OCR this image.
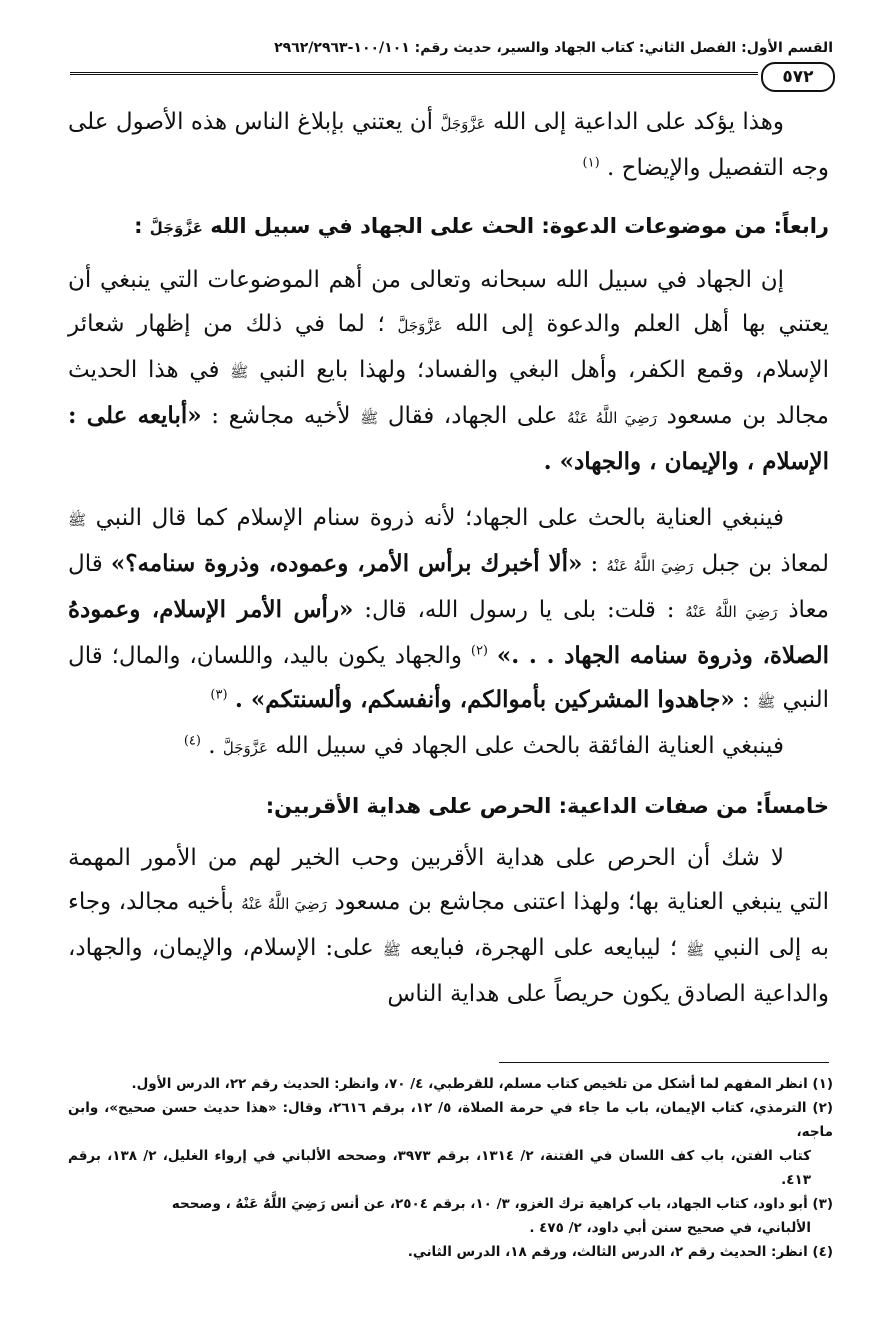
القسم الأول: الفصل الثاني: كتاب الجهاد والسير، حديث رقم: ١٠٠/١٠١-٢٩٦٢/٢٩٦٣
٥٧٢

وهذا يؤكد على الداعية إلى الله عَزَّوَجَلَّ أن يعتني بإبلاغ الناس هذه الأصول على وجه التفصيل والإيضاح . $^{(١)}$

رابعاً: من موضوعات الدعوة: الحث على الجهاد في سبيل الله عَزَّوَجَلَّ :

إن الجهاد في سبيل الله سبحانه وتعالى من أهم الموضوعات التي ينبغي أن يعتني بها أهل العلم والدعوة إلى الله عَزَّوَجَلَّ ؛ لما في ذلك من إظهار شعائر الإسلام، وقمع الكفر، وأهل البغي والفساد؛ ولهذا بايع النبي ﷺ في هذا الحديث مجالد بن مسعود رَضِيَ اللَّهُ عَنْهُ على الجهاد، فقال ﷺ لأخيه مجاشع : «أبايعه على : الإسلام ، والإيمان ، والجهاد» .

فينبغي العناية بالحث على الجهاد؛ لأنه ذروة سنام الإسلام كما قال النبي ﷺ لمعاذ بن جبل رَضِيَ اللَّهُ عَنْهُ : «ألا أخبرك برأس الأمر، وعموده، وذروة سنامه؟» قال معاذ رَضِيَ اللَّهُ عَنْهُ : قلت: بلى يا رسول الله، قال: «رأس الأمر الإسلام، وعمودهُ الصلاة، وذروة سنامه الجهاد . . .» $^{(٢)}$ والجهاد يكون باليد، واللسان، والمال؛ قال النبي ﷺ : «جاهدوا المشركين بأموالكم، وأنفسكم، وألسنتكم» . $^{(٣)}$

فينبغي العناية الفائقة بالحث على الجهاد في سبيل الله عَزَّوَجَلَّ . $^{(٤)}$

خامساً: من صفات الداعية: الحرص على هداية الأقربين:

لا شك أن الحرص على هداية الأقربين وحب الخير لهم من الأمور المهمة التي ينبغي العناية بها؛ ولهذا اعتنى مجاشع بن مسعود رَضِيَ اللَّهُ عَنْهُ بأخيه مجالد، وجاء به إلى النبي ﷺ ؛ ليبايعه على الهجرة، فبايعه ﷺ على: الإسلام، والإيمان، والجهاد، والداعية الصادق يكون حريصاً على هداية الناس

(١) انظر المفهم لما أشكل من تلخيص كتاب مسلم، للقرطبي، ٤/ ٧٠، وانظر: الحديث رقم ٢٢، الدرس الأول.

(٢) الترمذي، كتاب الإيمان، باب ما جاء في حرمة الصلاة، ٥/ ١٢، برقم ٢٦١٦، وقال: «هذا حديث حسن صحيح»، وابن ماجه،

كتاب الفتن، باب كف اللسان في الفتنة، ٢/ ١٣١٤، برقم ٣٩٧٣، وصححه الألباني في إرواء الغليل، ٢/ ١٣٨، برقم ٤١٣.

(٣) أبو داود، كتاب الجهاد، باب كراهية ترك الغزو، ٣/ ١٠، برقم ٢٥٠٤، عن أنس رَضِيَ اللَّهُ عَنْهُ ، وصححه

الألباني، في صحيح سنن أبي داود، ٢/ ٤٧٥ .

(٤) انظر: الحديث رقم ٢، الدرس الثالث، ورقم ١٨، الدرس الثاني.
